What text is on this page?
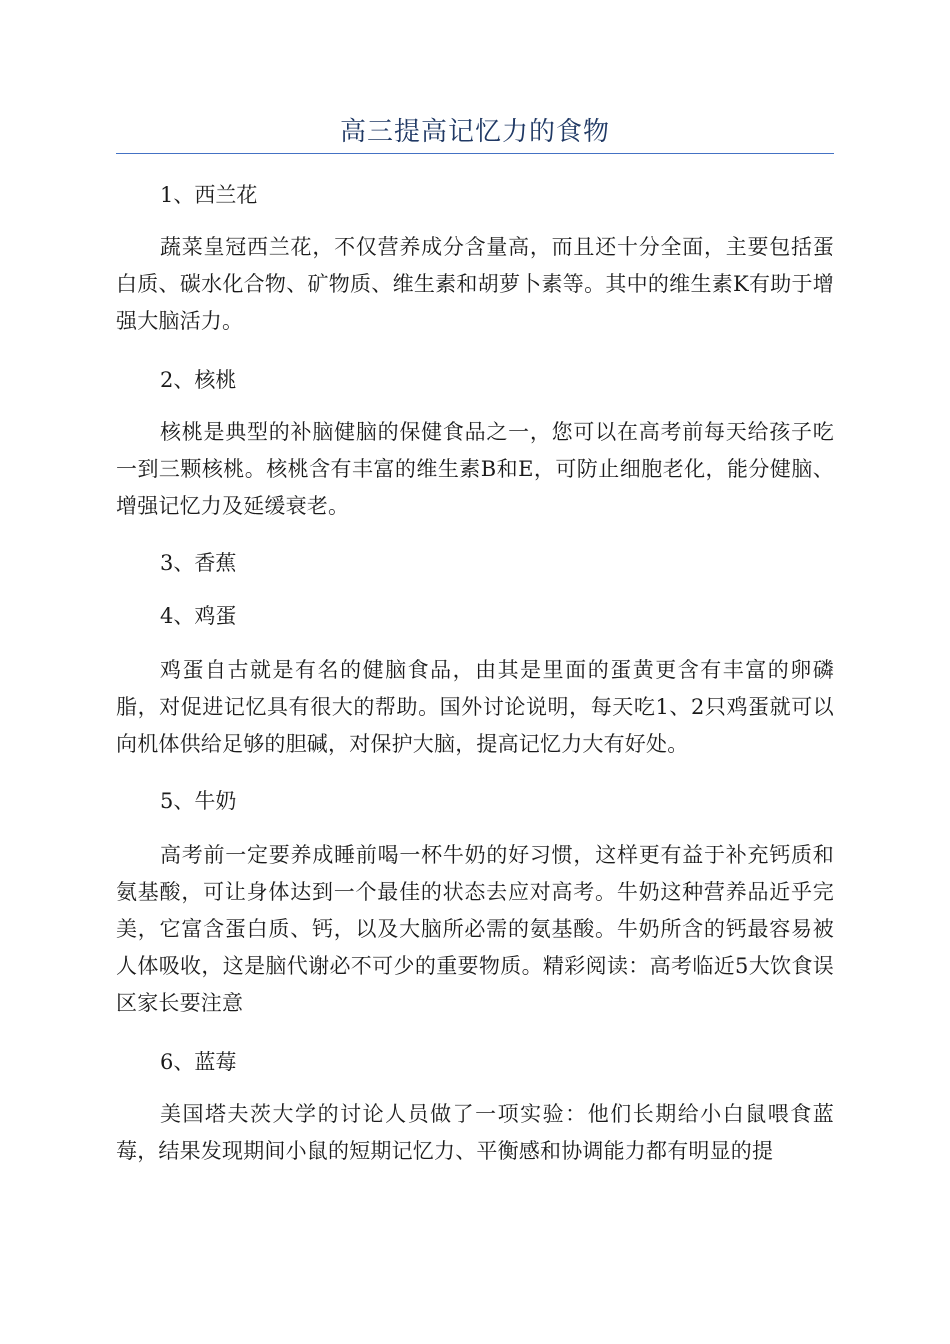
高三提高记忆力的食物

1、西兰花

蔬菜皇冠西兰花，不仅营养成分含量高，而且还十分全面，主要包括蛋白质、碳水化合物、矿物质、维生素和胡萝卜素等。其中的维生素K有助于增强大脑活力。

2、核桃

核桃是典型的补脑健脑的保健食品之一，您可以在高考前每天给孩子吃一到三颗核桃。核桃含有丰富的维生素B和E，可防止细胞老化，能分健脑、增强记忆力及延缓衰老。

3、香蕉

4、鸡蛋

鸡蛋自古就是有名的健脑食品，由其是里面的蛋黄更含有丰富的卵磷脂，对促进记忆具有很大的帮助。国外讨论说明，每天吃1、2只鸡蛋就可以向机体供给足够的胆碱，对保护大脑，提高记忆力大有好处。

5、牛奶

高考前一定要养成睡前喝一杯牛奶的好习惯，这样更有益于补充钙质和氨基酸，可让身体达到一个最佳的状态去应对高考。牛奶这种营养品近乎完美，它富含蛋白质、钙，以及大脑所必需的氨基酸。牛奶所含的钙最容易被人体吸收，这是脑代谢必不可少的重要物质。精彩阅读：高考临近5大饮食误区家长要注意

6、蓝莓

美国塔夫茨大学的讨论人员做了一项实验：他们长期给小白鼠喂食蓝莓，结果发现期间小鼠的短期记忆力、平衡感和协调能力都有明显的提
